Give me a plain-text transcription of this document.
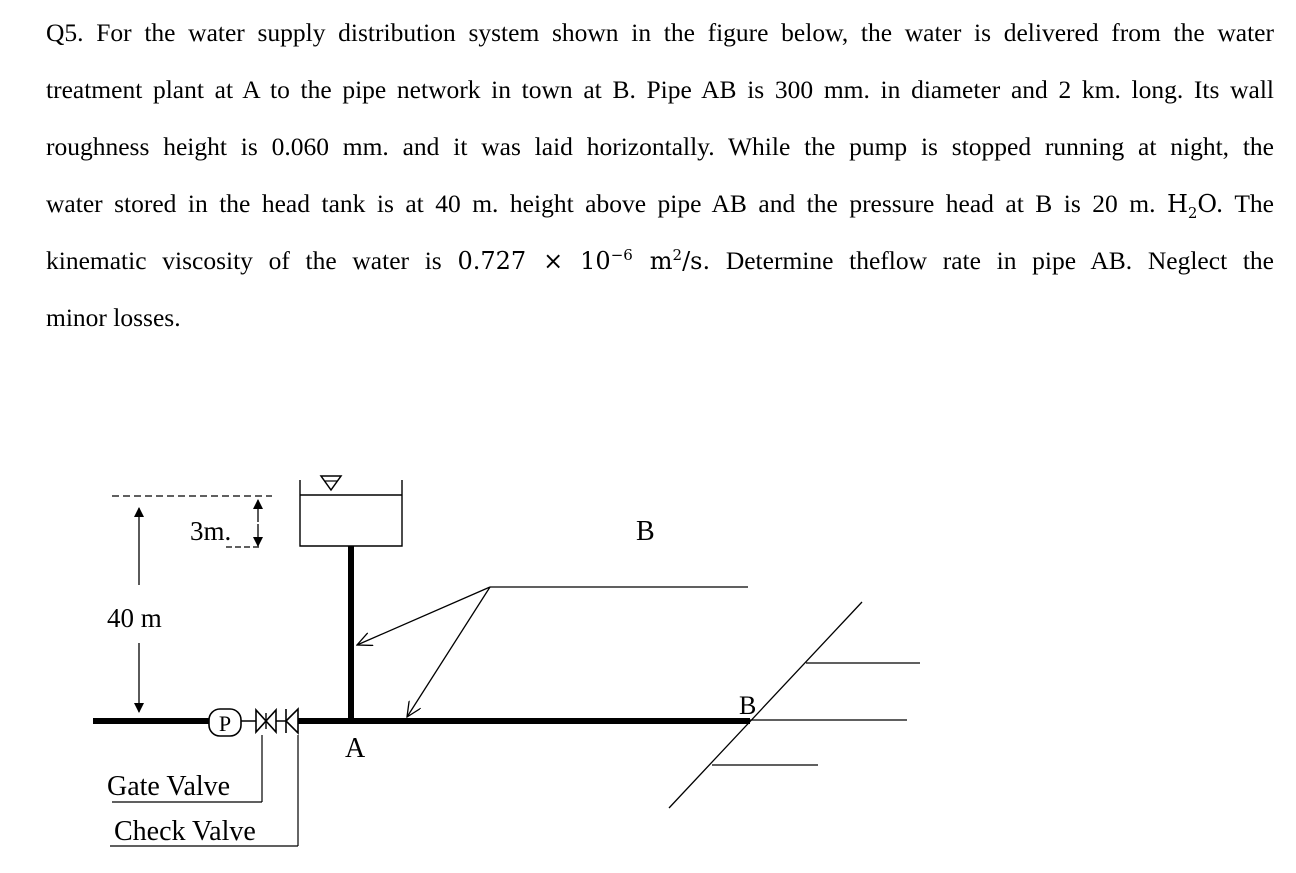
Q5. For the water supply distribution system shown in the figure below, the water is delivered from the water
treatment plant at A to the pipe network in town at B. Pipe AB is 300 mm. in diameter and 2 km. long. Its wall
roughness height is 0.060 mm. and it was laid horizontally. While the pump is stopped running at night, the
water stored in the head tank is at 40 m. height above pipe AB and the pressure head at B is 20 m. $H_2O$. The
kinematic viscosity of the water is $0.727 \times 10^{-6}$ $m^2/s$. Determine theflow rate in pipe AB. Neglect the
minor losses.
40 m
3m.
P
Gate Valve
Check Valve
A
B
B
